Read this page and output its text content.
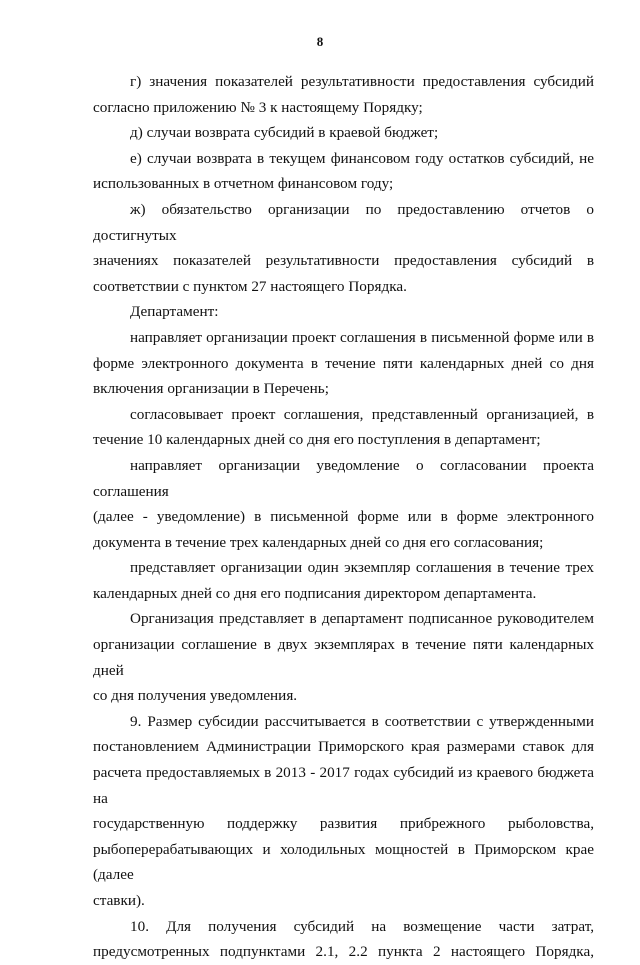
8
г) значения показателей результативности предоставления субсидий
согласно приложению № 3 к настоящему Порядку;
д) случаи возврата субсидий в краевой бюджет;
е) случаи возврата в текущем финансовом году остатков субсидий, не
использованных в отчетном финансовом году;
ж) обязательство организации по предоставлению отчетов о достигнутых
значениях показателей результативности предоставления субсидий в
соответствии с пунктом 27 настоящего Порядка.
Департамент:
направляет организации проект соглашения в письменной форме или в
форме электронного документа в течение пяти календарных дней со дня
включения организации в Перечень;
согласовывает проект соглашения, представленный организацией, в
течение 10 календарных дней со дня его поступления в департамент;
направляет организации уведомление о согласовании проекта соглашения
(далее - уведомление) в письменной форме или в форме электронного
документа в течение трех календарных дней со дня его согласования;
представляет организации один экземпляр соглашения в течение трех
календарных дней со дня его подписания директором департамента.
Организация представляет в департамент подписанное руководителем
организации соглашение в двух экземплярах в течение пяти календарных дней
со дня получения уведомления.
9. Размер субсидии рассчитывается в соответствии с утвержденными
постановлением Администрации Приморского края размерами ставок для
расчета предоставляемых в 2013 - 2017 годах субсидий из краевого бюджета на
государственную поддержку развития прибрежного рыболовства,
рыбоперерабатывающих и холодильных мощностей в Приморском крае (далее
ставки).
10. Для получения субсидий на возмещение части затрат,
предусмотренных подпунктами 2.1, 2.2 пункта 2 настоящего Порядка,
